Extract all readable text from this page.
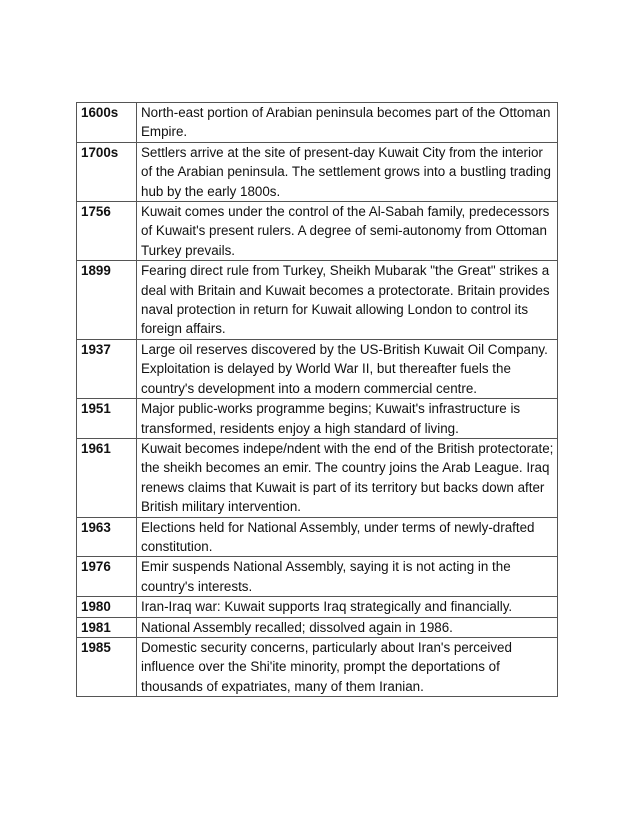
1600s	North-east portion of Arabian peninsula becomes part of the Ottoman Empire.
1700s	Settlers arrive at the site of present-day Kuwait City from the interior of the Arabian peninsula. The settlement grows into a bustling trading hub by the early 1800s.
1756	Kuwait comes under the control of the Al-Sabah family, predecessors of Kuwait's present rulers. A degree of semi-autonomy from Ottoman Turkey prevails.
1899	Fearing direct rule from Turkey, Sheikh Mubarak "the Great" strikes a deal with Britain and Kuwait becomes a protectorate. Britain provides naval protection in return for Kuwait allowing London to control its foreign affairs.
1937	Large oil reserves discovered by the US-British Kuwait Oil Company. Exploitation is delayed by World War II, but thereafter fuels the country's development into a modern commercial centre.
1951	Major public-works programme begins; Kuwait's infrastructure is transformed, residents enjoy a high standard of living.
1961	Kuwait becomes indepe/ndent with the end of the British protectorate; the sheikh becomes an emir. The country joins the Arab League. Iraq renews claims that Kuwait is part of its territory but backs down after British military intervention.
1963	Elections held for National Assembly, under terms of newly-drafted constitution.
1976	Emir suspends National Assembly, saying it is not acting in the country's interests.
1980	Iran-Iraq war: Kuwait supports Iraq strategically and financially.
1981	National Assembly recalled; dissolved again in 1986.
1985	Domestic security concerns, particularly about Iran's perceived influence over the Shi'ite minority, prompt the deportations of thousands of expatriates, many of them Iranian.
